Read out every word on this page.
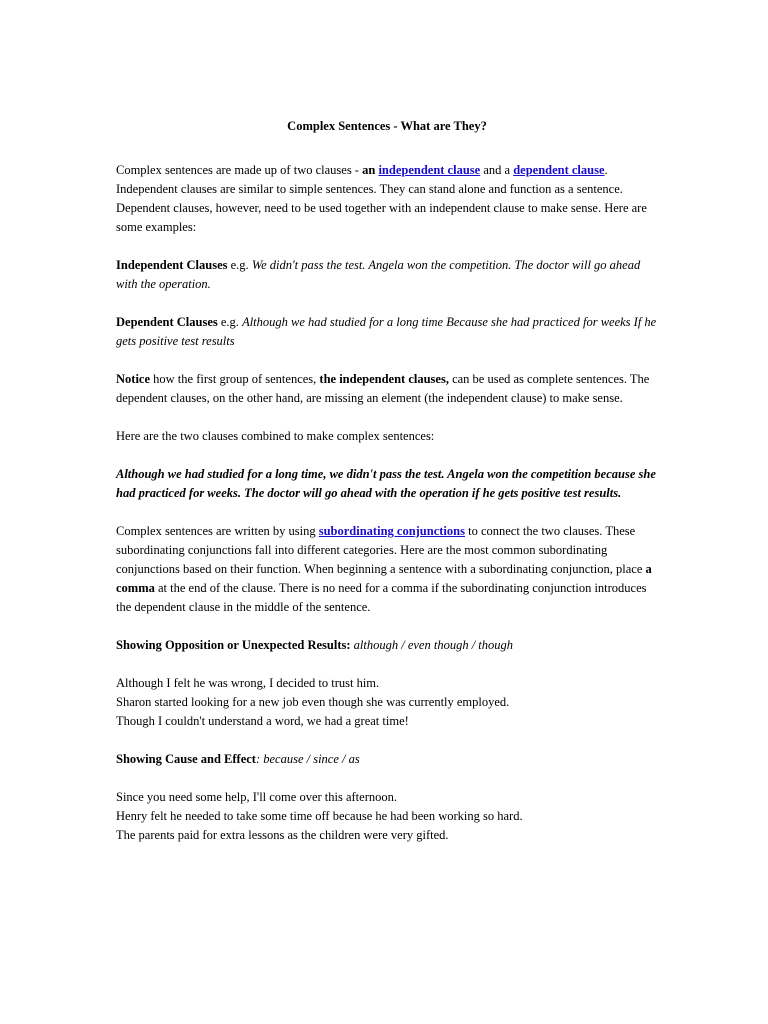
Complex Sentences - What are They?

Complex sentences are made up of two clauses - an independent clause and a dependent clause. Independent clauses are similar to simple sentences. They can stand alone and function as a sentence. Dependent clauses, however, need to be used together with an independent clause to make sense. Here are some examples:

Independent Clauses e.g. We didn't pass the test. Angela won the competition. The doctor will go ahead with the operation.

Dependent Clauses e.g. Although we had studied for a long time Because she had practiced for weeks If he gets positive test results

Notice how the first group of sentences, the independent clauses, can be used as complete sentences. The dependent clauses, on the other hand, are missing an element (the independent clause) to make sense.

Here are the two clauses combined to make complex sentences:

Although we had studied for a long time, we didn't pass the test. Angela won the competition because she had practiced for weeks. The doctor will go ahead with the operation if he gets positive test results.

Complex sentences are written by using subordinating conjunctions to connect the two clauses. These subordinating conjunctions fall into different categories. Here are the most common subordinating conjunctions based on their function. When beginning a sentence with a subordinating conjunction, place a comma at the end of the clause. There is no need for a comma if the subordinating conjunction introduces the dependent clause in the middle of the sentence.

Showing Opposition or Unexpected Results: although / even though / though

Although I felt he was wrong, I decided to trust him.
Sharon started looking for a new job even though she was currently employed.
Though I couldn't understand a word, we had a great time!

Showing Cause and Effect: because / since / as

Since you need some help, I'll come over this afternoon.
Henry felt he needed to take some time off because he had been working so hard.
The parents paid for extra lessons as the children were very gifted.
